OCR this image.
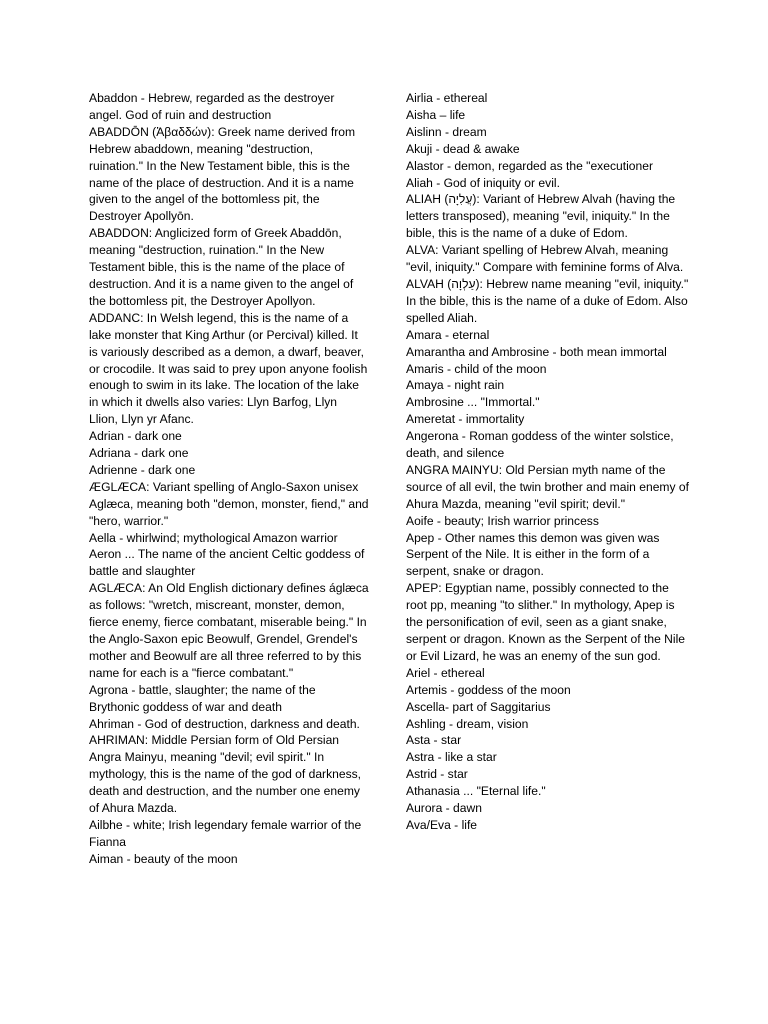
Abaddon - Hebrew, regarded as the destroyer angel. God of ruin and destruction

ABADDŌN (Ἀβαδδών): Greek name derived from Hebrew abaddown, meaning "destruction, ruination." In the New Testament bible, this is the name of the place of destruction. And it is a name given to the angel of the bottomless pit, the Destroyer Apollyōn.

ABADDON: Anglicized form of Greek Abaddōn, meaning "destruction, ruination." In the New Testament bible, this is the name of the place of destruction. And it is a name given to the angel of the bottomless pit, the Destroyer Apollyon.

ADDANC: In Welsh legend, this is the name of a lake monster that King Arthur (or Percival) killed. It is variously described as a demon, a dwarf, beaver, or crocodile. It was said to prey upon anyone foolish enough to swim in its lake. The location of the lake in which it dwells also varies: Llyn Barfog, Llyn Llion, Llyn yr Afanc.

Adrian - dark one

Adriana - dark one

Adrienne - dark one

ÆGLÆCA: Variant spelling of Anglo-Saxon unisex Aglæca, meaning both "demon, monster, fiend," and "hero, warrior."

Aella - whirlwind; mythological Amazon warrior

Aeron ... The name of the ancient Celtic goddess of battle and slaughter

AGLÆCA: An Old English dictionary defines áglæca as follows: "wretch, miscreant, monster, demon, fierce enemy, fierce combatant, miserable being." In the Anglo-Saxon epic Beowulf, Grendel, Grendel's mother and Beowulf are all three referred to by this name for each is a "fierce combatant."

Agrona - battle, slaughter; the name of the Brythonic goddess of war and death

Ahriman - God of destruction, darkness and death.

AHRIMAN: Middle Persian form of Old Persian Angra Mainyu, meaning "devil; evil spirit." In mythology, this is the name of the god of darkness, death and destruction, and the number one enemy of Ahura Mazda.

Ailbhe - white; Irish legendary female warrior of the Fianna

Aiman - beauty of the moon

Airlia - ethereal

Aisha – life

Aislinn - dream

Akuji - dead & awake

Alastor - demon, regarded as the "executioner

Aliah - God of iniquity or evil.

ALIAH (עֲלִיָה): Variant of Hebrew Alvah (having the letters transposed), meaning "evil, iniquity." In the bible, this is the name of a duke of Edom.

ALVA: Variant spelling of Hebrew Alvah, meaning "evil, iniquity." Compare with feminine forms of Alva.

ALVAH (עַלְוָה): Hebrew name meaning "evil, iniquity." In the bible, this is the name of a duke of Edom. Also spelled Aliah.

Amara - eternal

Amarantha and Ambrosine - both mean immortal

Amaris - child of the moon

Amaya - night rain

Ambrosine ... "Immortal."

Ameretat - immortality

Angerona - Roman goddess of the winter solstice, death, and silence

ANGRA MAINYU: Old Persian myth name of the source of all evil, the twin brother and main enemy of Ahura Mazda, meaning "evil spirit; devil."

Aoife - beauty; Irish warrior princess

Apep - Other names this demon was given was Serpent of the Nile. It is either in the form of a serpent, snake or dragon.

APEP: Egyptian name, possibly connected to the root pp, meaning "to slither." In mythology, Apep is the personification of evil, seen as a giant snake, serpent or dragon. Known as the Serpent of the Nile or Evil Lizard, he was an enemy of the sun god.

Ariel - ethereal

Artemis - goddess of the moon

Ascella- part of Saggitarius

Ashling - dream, vision

Asta - star

Astra - like a star

Astrid - star

Athanasia ... "Eternal life."

Aurora - dawn

Ava/Eva - life
